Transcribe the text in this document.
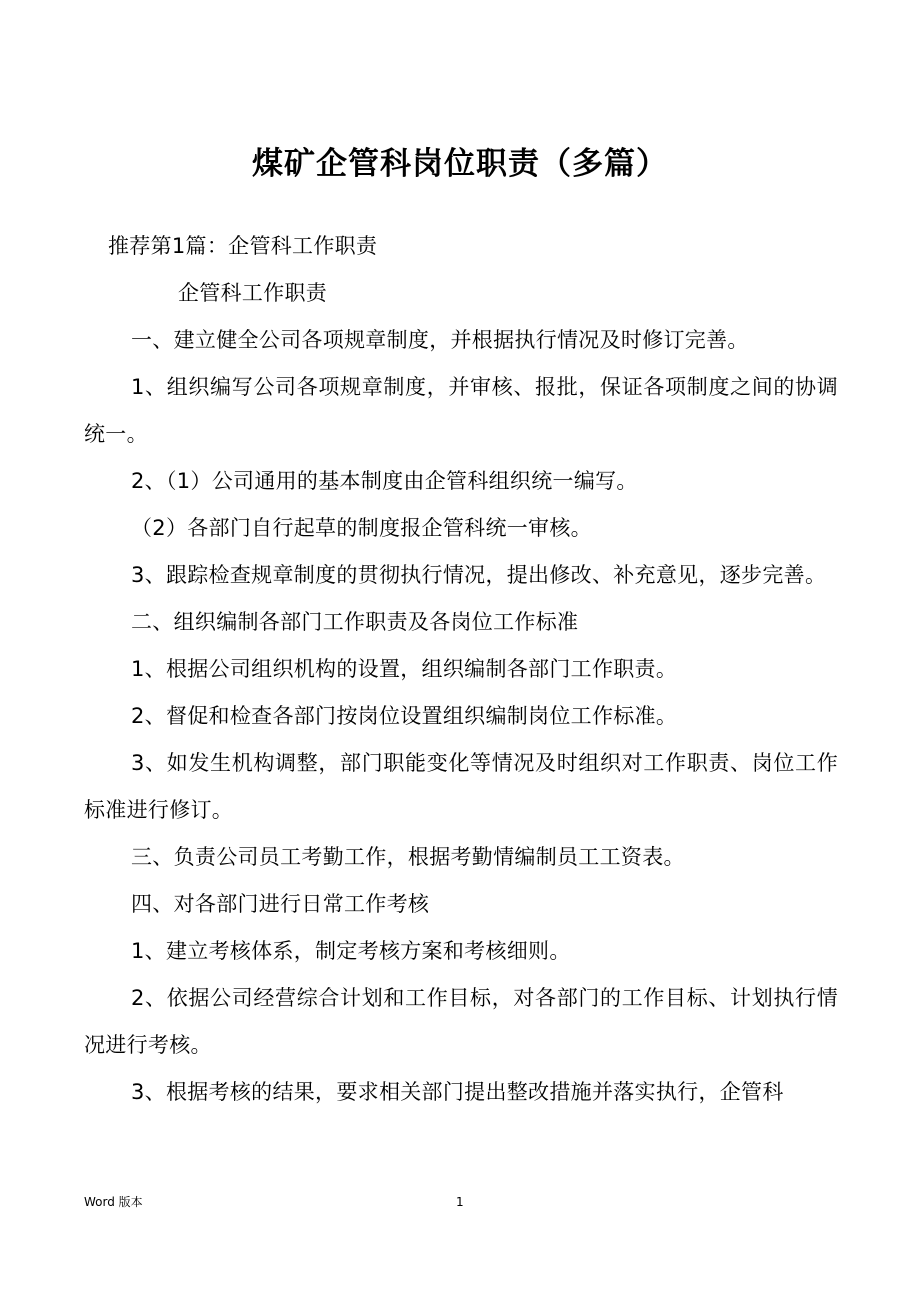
煤矿企管科岗位职责（多篇）

推荐第1篇：企管科工作职责

企管科工作职责

一、建立健全公司各项规章制度，并根据执行情况及时修订完善。

1、组织编写公司各项规章制度，并审核、报批，保证各项制度之间的协调统一。

2、（1）公司通用的基本制度由企管科组织统一编写。

（2）各部门自行起草的制度报企管科统一审核。

3、跟踪检查规章制度的贯彻执行情况，提出修改、补充意见，逐步完善。

二、组织编制各部门工作职责及各岗位工作标准

1、根据公司组织机构的设置，组织编制各部门工作职责。

2、督促和检查各部门按岗位设置组织编制岗位工作标准。

3、如发生机构调整，部门职能变化等情况及时组织对工作职责、岗位工作标准进行修订。

三、负责公司员工考勤工作，根据考勤情编制员工工资表。

四、对各部门进行日常工作考核

1、建立考核体系，制定考核方案和考核细则。

2、依据公司经营综合计划和工作目标，对各部门的工作目标、计划执行情况进行考核。

3、根据考核的结果，要求相关部门提出整改措施并落实执行，企管科

Word 版本	1
